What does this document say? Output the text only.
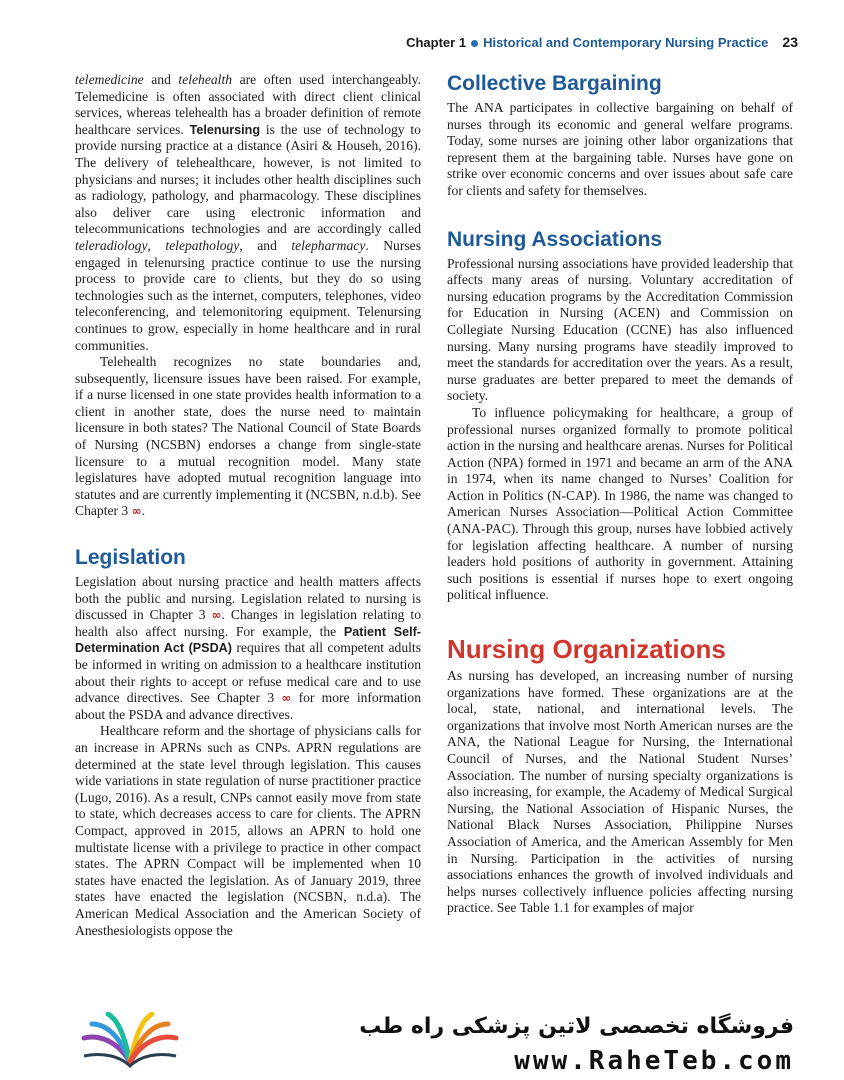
Chapter 1 Historical and Contemporary Nursing Practice 23

telemedicine and telehealth are often used interchangeably. Telemedicine is often associated with direct client clinical services, whereas telehealth has a broader definition of remote healthcare services. Telenursing is the use of technology to provide nursing practice at a distance (Asiri & Househ, 2016). The delivery of telehealthcare, however, is not limited to physicians and nurses; it includes other health disciplines such as radiology, pathology, and pharmacology. These disciplines also deliver care using electronic information and telecommunications technologies and are accordingly called teleradiology, telepathology, and telepharmacy. Nurses engaged in telenursing practice continue to use the nursing process to provide care to clients, but they do so using technologies such as the internet, computers, telephones, video teleconferencing, and telemonitoring equipment. Telenursing continues to grow, especially in home healthcare and in rural communities.

Telehealth recognizes no state boundaries and, subsequently, licensure issues have been raised. For example, if a nurse licensed in one state provides health information to a client in another state, does the nurse need to maintain licensure in both states? The National Council of State Boards of Nursing (NCSBN) endorses a change from single-state licensure to a mutual recognition model. Many state legislatures have adopted mutual recognition language into statutes and are currently implementing it (NCSBN, n.d.b). See Chapter 3 ∞.

Legislation

Legislation about nursing practice and health matters affects both the public and nursing. Legislation related to nursing is discussed in Chapter 3 ∞. Changes in legislation relating to health also affect nursing. For example, the Patient Self-Determination Act (PSDA) requires that all competent adults be informed in writing on admission to a healthcare institution about their rights to accept or refuse medical care and to use advance directives. See Chapter 3 ∞ for more information about the PSDA and advance directives.

Healthcare reform and the shortage of physicians calls for an increase in APRNs such as CNPs. APRN regulations are determined at the state level through legislation. This causes wide variations in state regulation of nurse practitioner practice (Lugo, 2016). As a result, CNPs cannot easily move from state to state, which decreases access to care for clients. The APRN Compact, approved in 2015, allows an APRN to hold one multistate license with a privilege to practice in other compact states. The APRN Compact will be implemented when 10 states have enacted the legislation. As of January 2019, three states have enacted the legislation (NCSBN, n.d.a). The American Medical Association and the American Society of Anesthesiologists oppose the

Collective Bargaining

The ANA participates in collective bargaining on behalf of nurses through its economic and general welfare programs. Today, some nurses are joining other labor organizations that represent them at the bargaining table. Nurses have gone on strike over economic concerns and over issues about safe care for clients and safety for themselves.

Nursing Associations

Professional nursing associations have provided leadership that affects many areas of nursing. Voluntary accreditation of nursing education programs by the Accreditation Commission for Education in Nursing (ACEN) and Commission on Collegiate Nursing Education (CCNE) has also influenced nursing. Many nursing programs have steadily improved to meet the standards for accreditation over the years. As a result, nurse graduates are better prepared to meet the demands of society.

To influence policymaking for healthcare, a group of professional nurses organized formally to promote political action in the nursing and healthcare arenas. Nurses for Political Action (NPA) formed in 1971 and became an arm of the ANA in 1974, when its name changed to Nurses’ Coalition for Action in Politics (N-CAP). In 1986, the name was changed to American Nurses Association—Political Action Committee (ANA-PAC). Through this group, nurses have lobbied actively for legislation affecting healthcare. A number of nursing leaders hold positions of authority in government. Attaining such positions is essential if nurses hope to exert ongoing political influence.

Nursing Organizations

As nursing has developed, an increasing number of nursing organizations have formed. These organizations are at the local, state, national, and international levels. The organizations that involve most North American nurses are the ANA, the National League for Nursing, the International Council of Nurses, and the National Student Nurses’ Association. The number of nursing specialty organizations is also increasing, for example, the Academy of Medical Surgical Nursing, the National Association of Hispanic Nurses, the National Black Nurses Association, Philippine Nurses Association of America, and the American Assembly for Men in Nursing. Participation in the activities of nursing associations enhances the growth of involved individuals and helps nurses collectively influence policies affecting nursing practice. See Table 1.1 for examples of major

فروشگاه تخصصی لاتین پزشکی راه طب
www.RaheTeb.com
